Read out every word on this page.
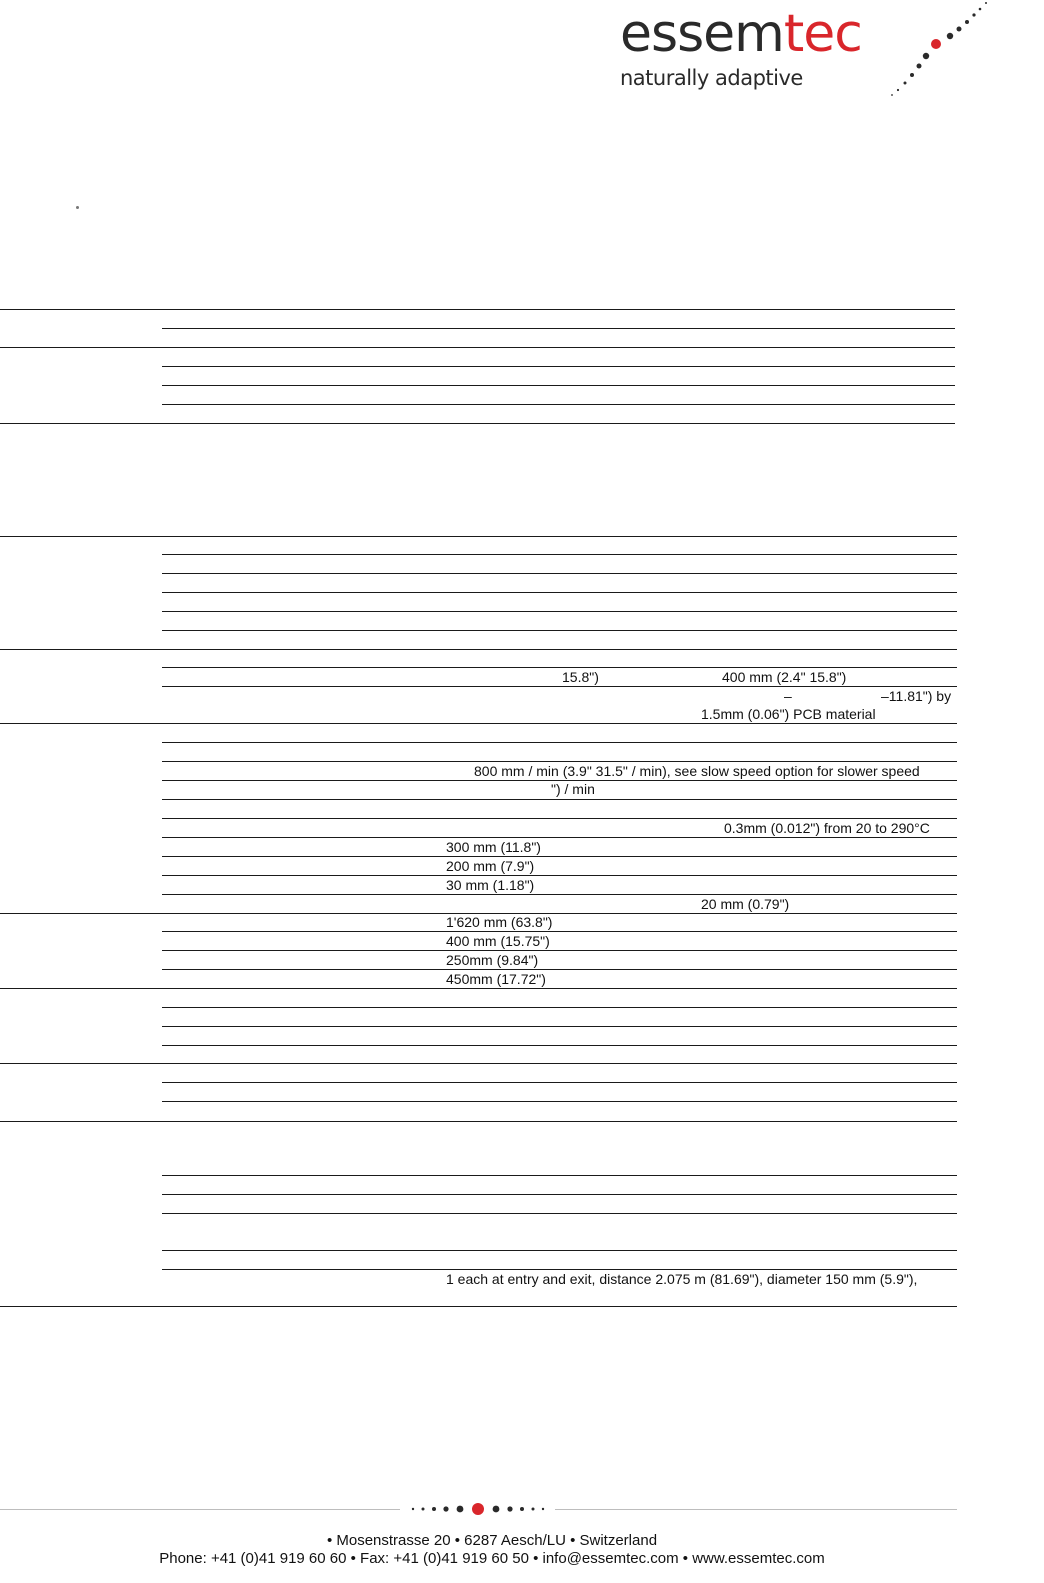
essemtec
naturally adaptive
15.8")	400 mm (2.4" 15.8")
–	–11.81") by
1.5mm (0.06") PCB material
800 mm / min (3.9" 31.5" / min), see slow speed option for slower speed
") / min
0.3mm (0.012") from 20 to 290°C
300 mm (11.8")
200 mm (7.9")
30 mm (1.18")
20 mm (0.79")
1'620 mm (63.8")
400 mm (15.75")
250mm (9.84")
450mm (17.72")
1 each at entry and exit, distance 2.075 m (81.69"), diameter 150 mm (5.9"),
• Mosenstrasse 20 • 6287 Aesch/LU • Switzerland
Phone: +41 (0)41 919 60 60 • Fax: +41 (0)41 919 60 50 • info@essemtec.com • www.essemtec.com
